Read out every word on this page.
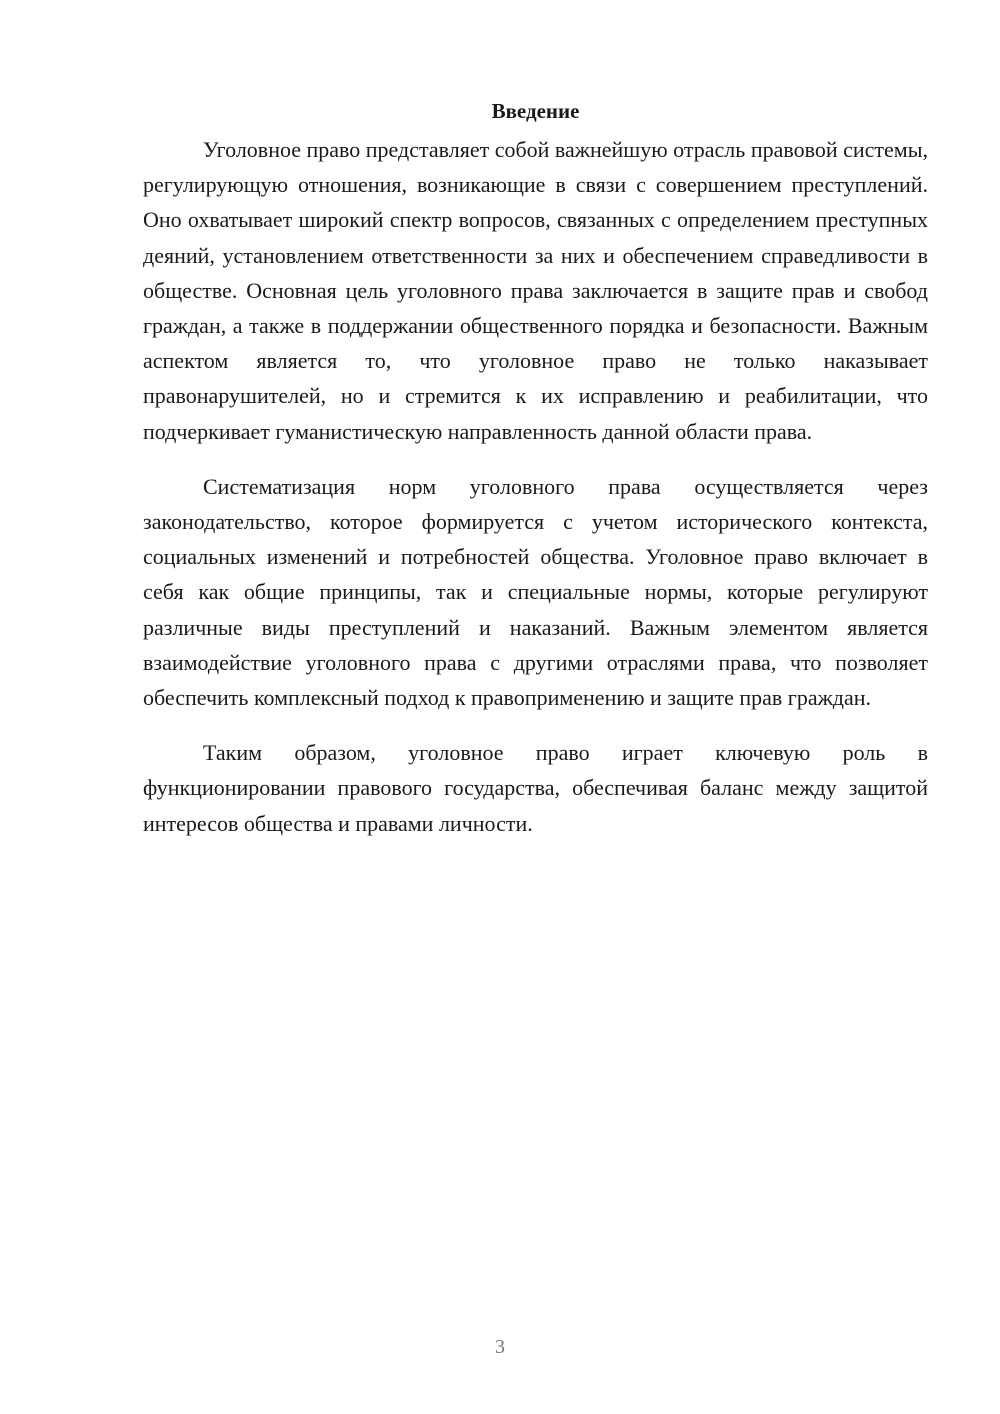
Введение

Уголовное право представляет собой важнейшую отрасль правовой системы, регулирующую отношения, возникающие в связи с совершением преступлений. Оно охватывает широкий спектр вопросов, связанных с определением преступных деяний, установлением ответственности за них и обеспечением справедливости в обществе. Основная цель уголовного права заключается в защите прав и свобод граждан, а также в поддержании общественного порядка и безопасности. Важным аспектом является то, что уголовное право не только наказывает правонарушителей, но и стремится к их исправлению и реабилитации, что подчеркивает гуманистическую направленность данной области права.

Систематизация норм уголовного права осуществляется через законодательство, которое формируется с учетом исторического контекста, социальных изменений и потребностей общества. Уголовное право включает в себя как общие принципы, так и специальные нормы, которые регулируют различные виды преступлений и наказаний. Важным элементом является взаимодействие уголовного права с другими отраслями права, что позволяет обеспечить комплексный подход к правоприменению и защите прав граждан.

Таким образом, уголовное право играет ключевую роль в функционировании правового государства, обеспечивая баланс между защитой интересов общества и правами личности.

3
